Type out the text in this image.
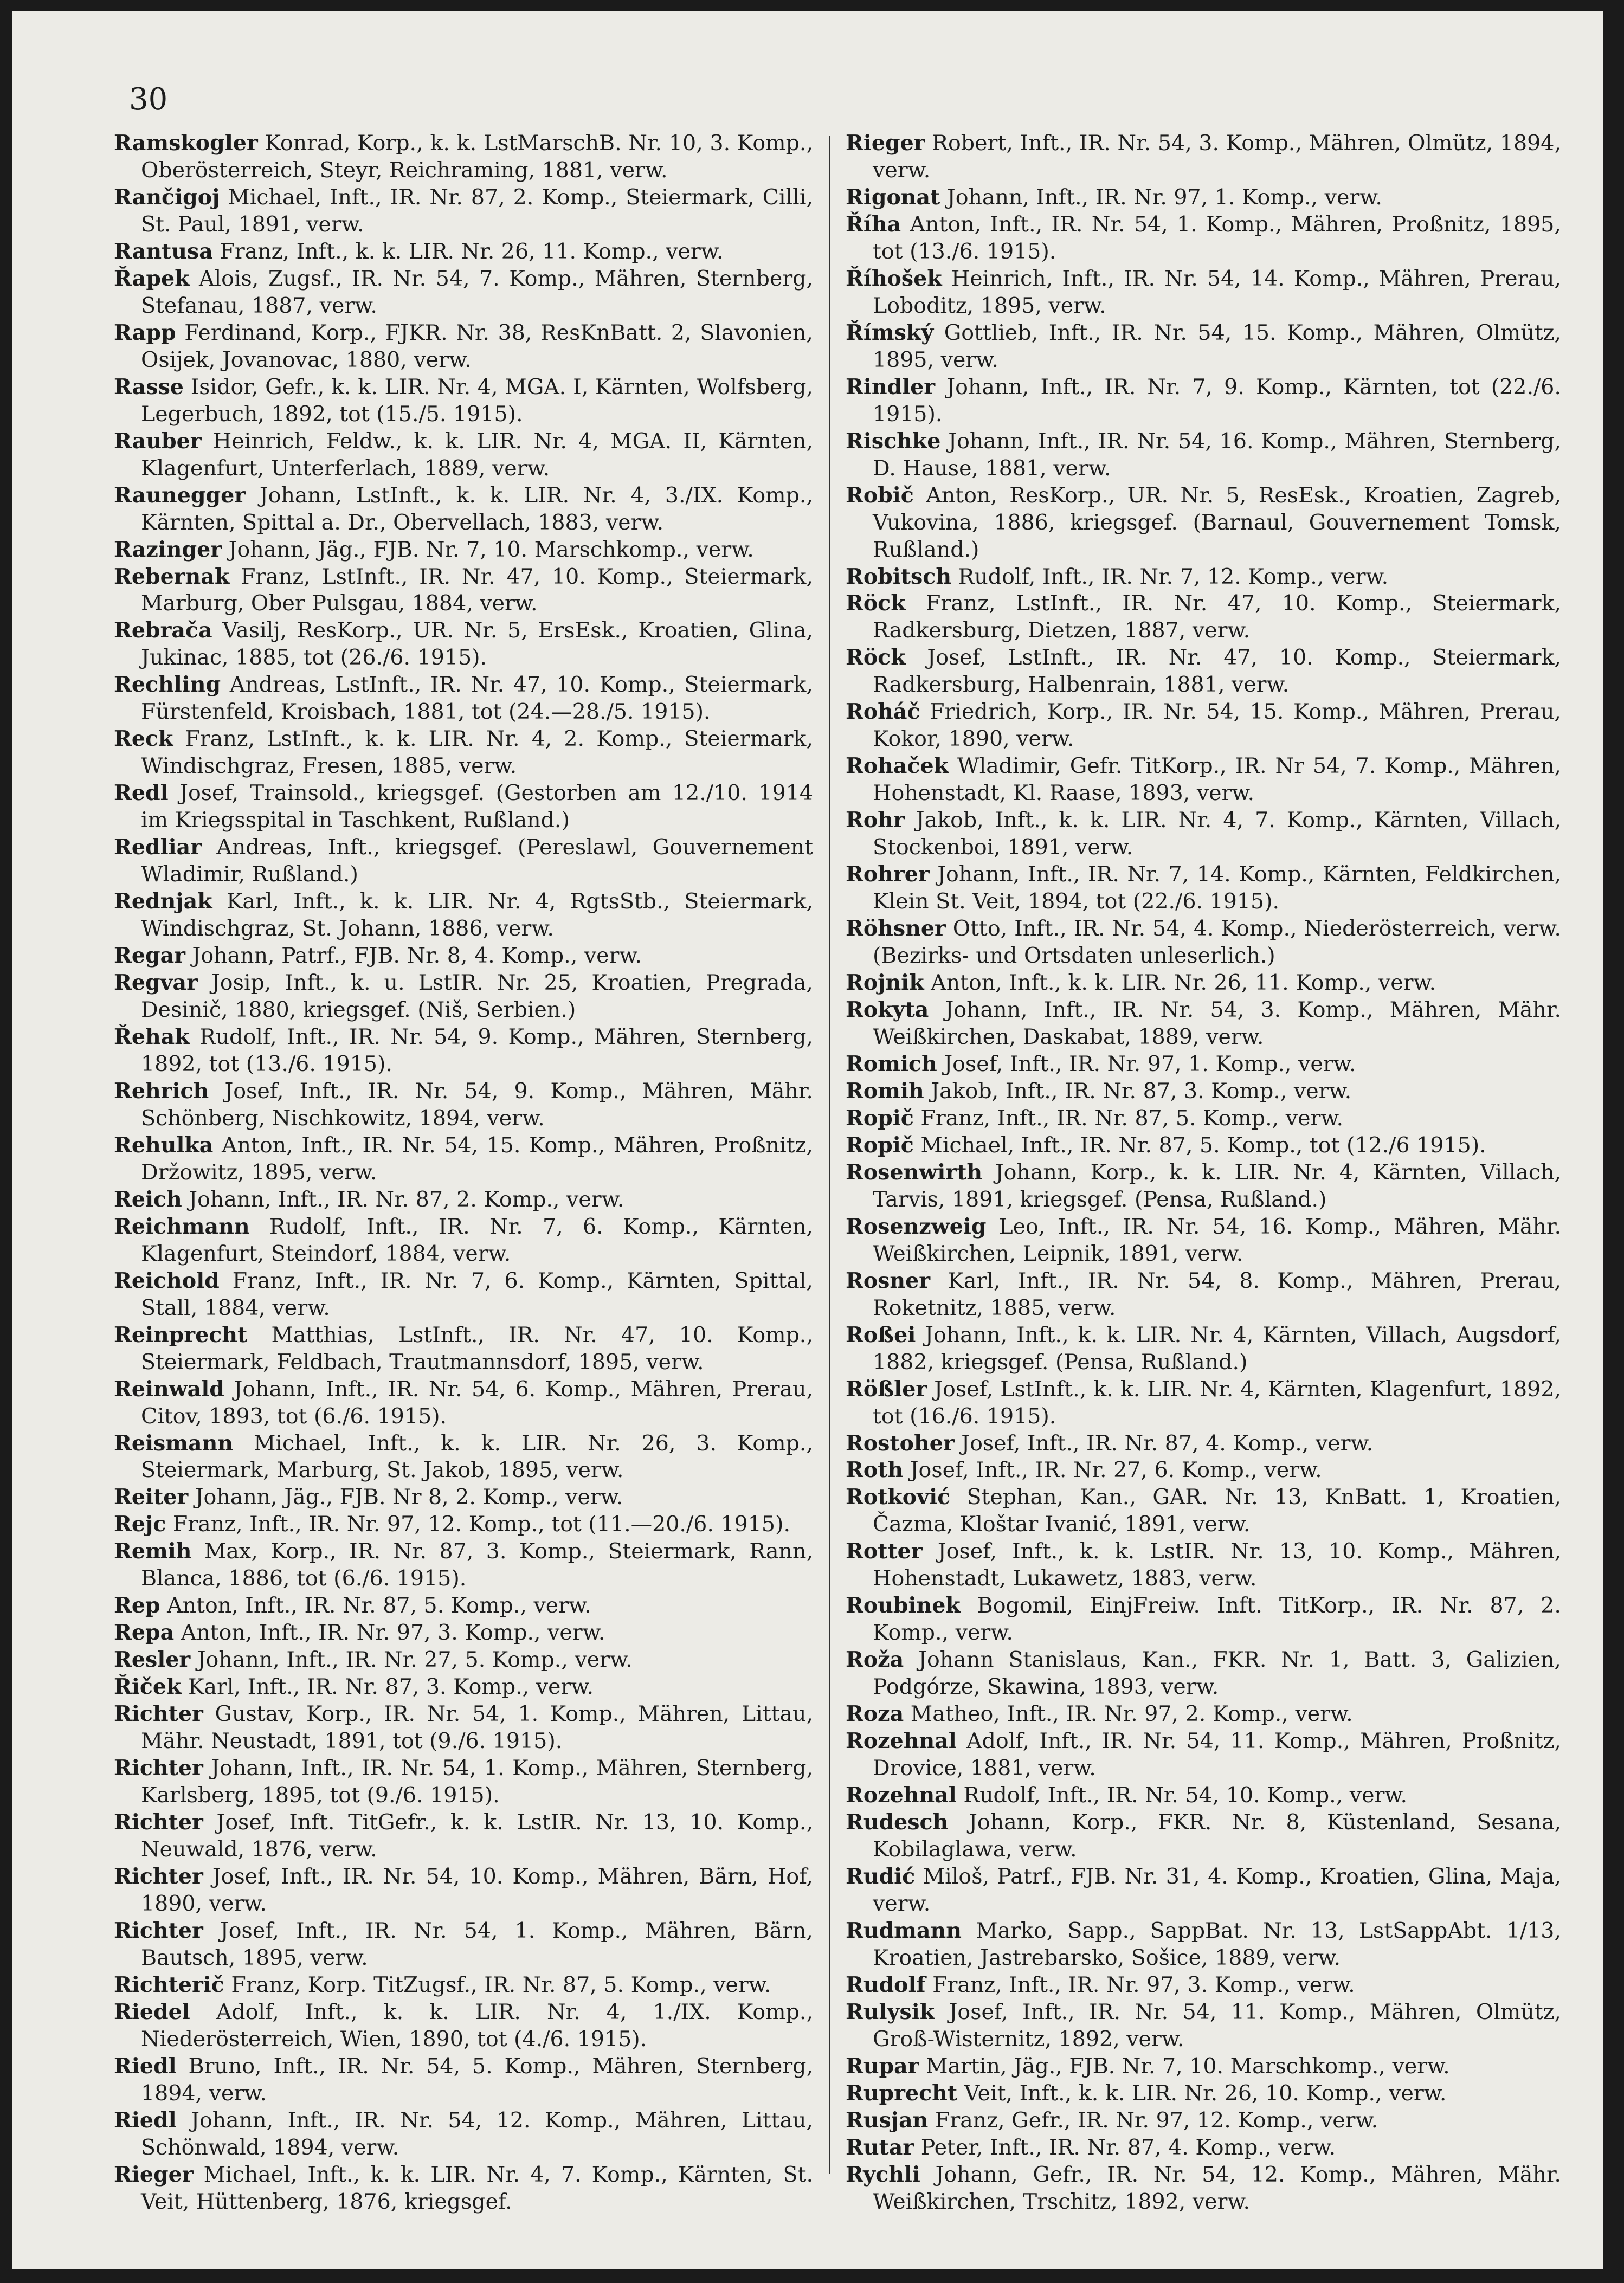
30

Ramskogler Konrad, Korp., k. k. LstMarschB. Nr. 10, 3. Komp., Oberösterreich, Steyr, Reichraming, 1881, verw.

Rančigoj Michael, Inft., IR. Nr. 87, 2. Komp., Steiermark, Cilli, St. Paul, 1891, verw.

Rantusa Franz, Inft., k. k. LIR. Nr. 26, 11. Komp., verw.

Řapek Alois, Zugsf., IR. Nr. 54, 7. Komp., Mähren, Sternberg, Stefanau, 1887, verw.

Rapp Ferdinand, Korp., FJKR. Nr. 38, ResKnBatt. 2, Slavonien, Osijek, Jovanovac, 1880, verw.

Rasse Isidor, Gefr., k. k. LIR. Nr. 4, MGA. I, Kärnten, Wolfsberg, Legerbuch, 1892, tot (15./5. 1915).

Rauber Heinrich, Feldw., k. k. LIR. Nr. 4, MGA. II, Kärnten, Klagenfurt, Unterferlach, 1889, verw.

Raunegger Johann, LstInft., k. k. LIR. Nr. 4, 3./IX. Komp., Kärnten, Spittal a. Dr., Obervellach, 1883, verw.

Razinger Johann, Jäg., FJB. Nr. 7, 10. Marschkomp., verw.

Rebernak Franz, LstInft., IR. Nr. 47, 10. Komp., Steiermark, Marburg, Ober Pulsgau, 1884, verw.

Rebrača Vasilj, ResKorp., UR. Nr. 5, ErsEsk., Kroatien, Glina, Jukinac, 1885, tot (26./6. 1915).

Rechling Andreas, LstInft., IR. Nr. 47, 10. Komp., Steiermark, Fürstenfeld, Kroisbach, 1881, tot (24.—28./5. 1915).

Reck Franz, LstInft., k. k. LIR. Nr. 4, 2. Komp., Steiermark, Windischgraz, Fresen, 1885, verw.

Redl Josef, Trainsold., kriegsgef. (Gestorben am 12./10. 1914 im Kriegsspital in Taschkent, Rußland.)

Redliar Andreas, Inft., kriegsgef. (Pereslawl, Gouvernement Wladimir, Rußland.)

Rednjak Karl, Inft., k. k. LIR. Nr. 4, RgtsStb., Steiermark, Windischgraz, St. Johann, 1886, verw.

Regar Johann, Patrf., FJB. Nr. 8, 4. Komp., verw.

Regvar Josip, Inft., k. u. LstIR. Nr. 25, Kroatien, Pregrada, Desinič, 1880, kriegsgef. (Niš, Serbien.)

Řehak Rudolf, Inft., IR. Nr. 54, 9. Komp., Mähren, Sternberg, 1892, tot (13./6. 1915).

Rehrich Josef, Inft., IR. Nr. 54, 9. Komp., Mähren, Mähr. Schönberg, Nischkowitz, 1894, verw.

Rehulka Anton, Inft., IR. Nr. 54, 15. Komp., Mähren, Proßnitz, Držowitz, 1895, verw.

Reich Johann, Inft., IR. Nr. 87, 2. Komp., verw.

Reichmann Rudolf, Inft., IR. Nr. 7, 6. Komp., Kärnten, Klagenfurt, Steindorf, 1884, verw.

Reichold Franz, Inft., IR. Nr. 7, 6. Komp., Kärnten, Spittal, Stall, 1884, verw.

Reinprecht Matthias, LstInft., IR. Nr. 47, 10. Komp., Steiermark, Feldbach, Trautmannsdorf, 1895, verw.

Reinwald Johann, Inft., IR. Nr. 54, 6. Komp., Mähren, Prerau, Citov, 1893, tot (6./6. 1915).

Reismann Michael, Inft., k. k. LIR. Nr. 26, 3. Komp., Steiermark, Marburg, St. Jakob, 1895, verw.

Reiter Johann, Jäg., FJB. Nr 8, 2. Komp., verw.

Rejc Franz, Inft., IR. Nr. 97, 12. Komp., tot (11.—20./6. 1915).

Remih Max, Korp., IR. Nr. 87, 3. Komp., Steiermark, Rann, Blanca, 1886, tot (6./6. 1915).

Rep Anton, Inft., IR. Nr. 87, 5. Komp., verw.

Repa Anton, Inft., IR. Nr. 97, 3. Komp., verw.

Resler Johann, Inft., IR. Nr. 27, 5. Komp., verw.

Řiček Karl, Inft., IR. Nr. 87, 3. Komp., verw.

Richter Gustav, Korp., IR. Nr. 54, 1. Komp., Mähren, Littau, Mähr. Neustadt, 1891, tot (9./6. 1915).

Richter Johann, Inft., IR. Nr. 54, 1. Komp., Mähren, Sternberg, Karlsberg, 1895, tot (9./6. 1915).

Richter Josef, Inft. TitGefr., k. k. LstIR. Nr. 13, 10. Komp., Neuwald, 1876, verw.

Richter Josef, Inft., IR. Nr. 54, 10. Komp., Mähren, Bärn, Hof, 1890, verw.

Richter Josef, Inft., IR. Nr. 54, 1. Komp., Mähren, Bärn, Bautsch, 1895, verw.

Richterič Franz, Korp. TitZugsf., IR. Nr. 87, 5. Komp., verw.

Riedel Adolf, Inft., k. k. LIR. Nr. 4, 1./IX. Komp., Niederösterreich, Wien, 1890, tot (4./6. 1915).

Riedl Bruno, Inft., IR. Nr. 54, 5. Komp., Mähren, Sternberg, 1894, verw.

Riedl Johann, Inft., IR. Nr. 54, 12. Komp., Mähren, Littau, Schönwald, 1894, verw.

Rieger Michael, Inft., k. k. LIR. Nr. 4, 7. Komp., Kärnten, St. Veit, Hüttenberg, 1876, kriegsgef.

Rieger Robert, Inft., IR. Nr. 54, 3. Komp., Mähren, Olmütz, 1894, verw.

Rigonat Johann, Inft., IR. Nr. 97, 1. Komp., verw.

Říha Anton, Inft., IR. Nr. 54, 1. Komp., Mähren, Proßnitz, 1895, tot (13./6. 1915).

Říhošek Heinrich, Inft., IR. Nr. 54, 14. Komp., Mähren, Prerau, Loboditz, 1895, verw.

Římský Gottlieb, Inft., IR. Nr. 54, 15. Komp., Mähren, Olmütz, 1895, verw.

Rindler Johann, Inft., IR. Nr. 7, 9. Komp., Kärnten, tot (22./6. 1915).

Rischke Johann, Inft., IR. Nr. 54, 16. Komp., Mähren, Sternberg, D. Hause, 1881, verw.

Robič Anton, ResKorp., UR. Nr. 5, ResEsk., Kroatien, Zagreb, Vukovina, 1886, kriegsgef. (Barnaul, Gouvernement Tomsk, Rußland.)

Robitsch Rudolf, Inft., IR. Nr. 7, 12. Komp., verw.

Röck Franz, LstInft., IR. Nr. 47, 10. Komp., Steiermark, Radkersburg, Dietzen, 1887, verw.

Röck Josef, LstInft., IR. Nr. 47, 10. Komp., Steiermark, Radkersburg, Halbenrain, 1881, verw.

Roháč Friedrich, Korp., IR. Nr. 54, 15. Komp., Mähren, Prerau, Kokor, 1890, verw.

Rohaček Wladimir, Gefr. TitKorp., IR. Nr 54, 7. Komp., Mähren, Hohenstadt, Kl. Raase, 1893, verw.

Rohr Jakob, Inft., k. k. LIR. Nr. 4, 7. Komp., Kärnten, Villach, Stockenboi, 1891, verw.

Rohrer Johann, Inft., IR. Nr. 7, 14. Komp., Kärnten, Feldkirchen, Klein St. Veit, 1894, tot (22./6. 1915).

Röhsner Otto, Inft., IR. Nr. 54, 4. Komp., Niederösterreich, verw. (Bezirks- und Ortsdaten unleserlich.)

Rojnik Anton, Inft., k. k. LIR. Nr. 26, 11. Komp., verw.

Rokyta Johann, Inft., IR. Nr. 54, 3. Komp., Mähren, Mähr. Weißkirchen, Daskabat, 1889, verw.

Romich Josef, Inft., IR. Nr. 97, 1. Komp., verw.

Romih Jakob, Inft., IR. Nr. 87, 3. Komp., verw.

Ropič Franz, Inft., IR. Nr. 87, 5. Komp., verw.

Ropič Michael, Inft., IR. Nr. 87, 5. Komp., tot (12./6 1915).

Rosenwirth Johann, Korp., k. k. LIR. Nr. 4, Kärnten, Villach, Tarvis, 1891, kriegsgef. (Pensa, Rußland.)

Rosenzweig Leo, Inft., IR. Nr. 54, 16. Komp., Mähren, Mähr. Weißkirchen, Leipnik, 1891, verw.

Rosner Karl, Inft., IR. Nr. 54, 8. Komp., Mähren, Prerau, Roketnitz, 1885, verw.

Roßei Johann, Inft., k. k. LIR. Nr. 4, Kärnten, Villach, Augsdorf, 1882, kriegsgef. (Pensa, Rußland.)

Rößler Josef, LstInft., k. k. LIR. Nr. 4, Kärnten, Klagenfurt, 1892, tot (16./6. 1915).

Rostoher Josef, Inft., IR. Nr. 87, 4. Komp., verw.

Roth Josef, Inft., IR. Nr. 27, 6. Komp., verw.

Rotković Stephan, Kan., GAR. Nr. 13, KnBatt. 1, Kroatien, Čazma, Kloštar Ivanić, 1891, verw.

Rotter Josef, Inft., k. k. LstIR. Nr. 13, 10. Komp., Mähren, Hohenstadt, Lukawetz, 1883, verw.

Roubinek Bogomil, EinjFreiw. Inft. TitKorp., IR. Nr. 87, 2. Komp., verw.

Roža Johann Stanislaus, Kan., FKR. Nr. 1, Batt. 3, Galizien, Podgórze, Skawina, 1893, verw.

Roza Matheo, Inft., IR. Nr. 97, 2. Komp., verw.

Rozehnal Adolf, Inft., IR. Nr. 54, 11. Komp., Mähren, Proßnitz, Drovice, 1881, verw.

Rozehnal Rudolf, Inft., IR. Nr. 54, 10. Komp., verw.

Rudesch Johann, Korp., FKR. Nr. 8, Küstenland, Sesana, Kobilaglawa, verw.

Rudić Miloš, Patrf., FJB. Nr. 31, 4. Komp., Kroatien, Glina, Maja, verw.

Rudmann Marko, Sapp., SappBat. Nr. 13, LstSappAbt. 1/13, Kroatien, Jastrebarsko, Sošice, 1889, verw.

Rudolf Franz, Inft., IR. Nr. 97, 3. Komp., verw.

Rulysik Josef, Inft., IR. Nr. 54, 11. Komp., Mähren, Olmütz, Groß-Wisternitz, 1892, verw.

Rupar Martin, Jäg., FJB. Nr. 7, 10. Marschkomp., verw.

Ruprecht Veit, Inft., k. k. LIR. Nr. 26, 10. Komp., verw.

Rusjan Franz, Gefr., IR. Nr. 97, 12. Komp., verw.

Rutar Peter, Inft., IR. Nr. 87, 4. Komp., verw.

Rychli Johann, Gefr., IR. Nr. 54, 12. Komp., Mähren, Mähr. Weißkirchen, Trschitz, 1892, verw.
